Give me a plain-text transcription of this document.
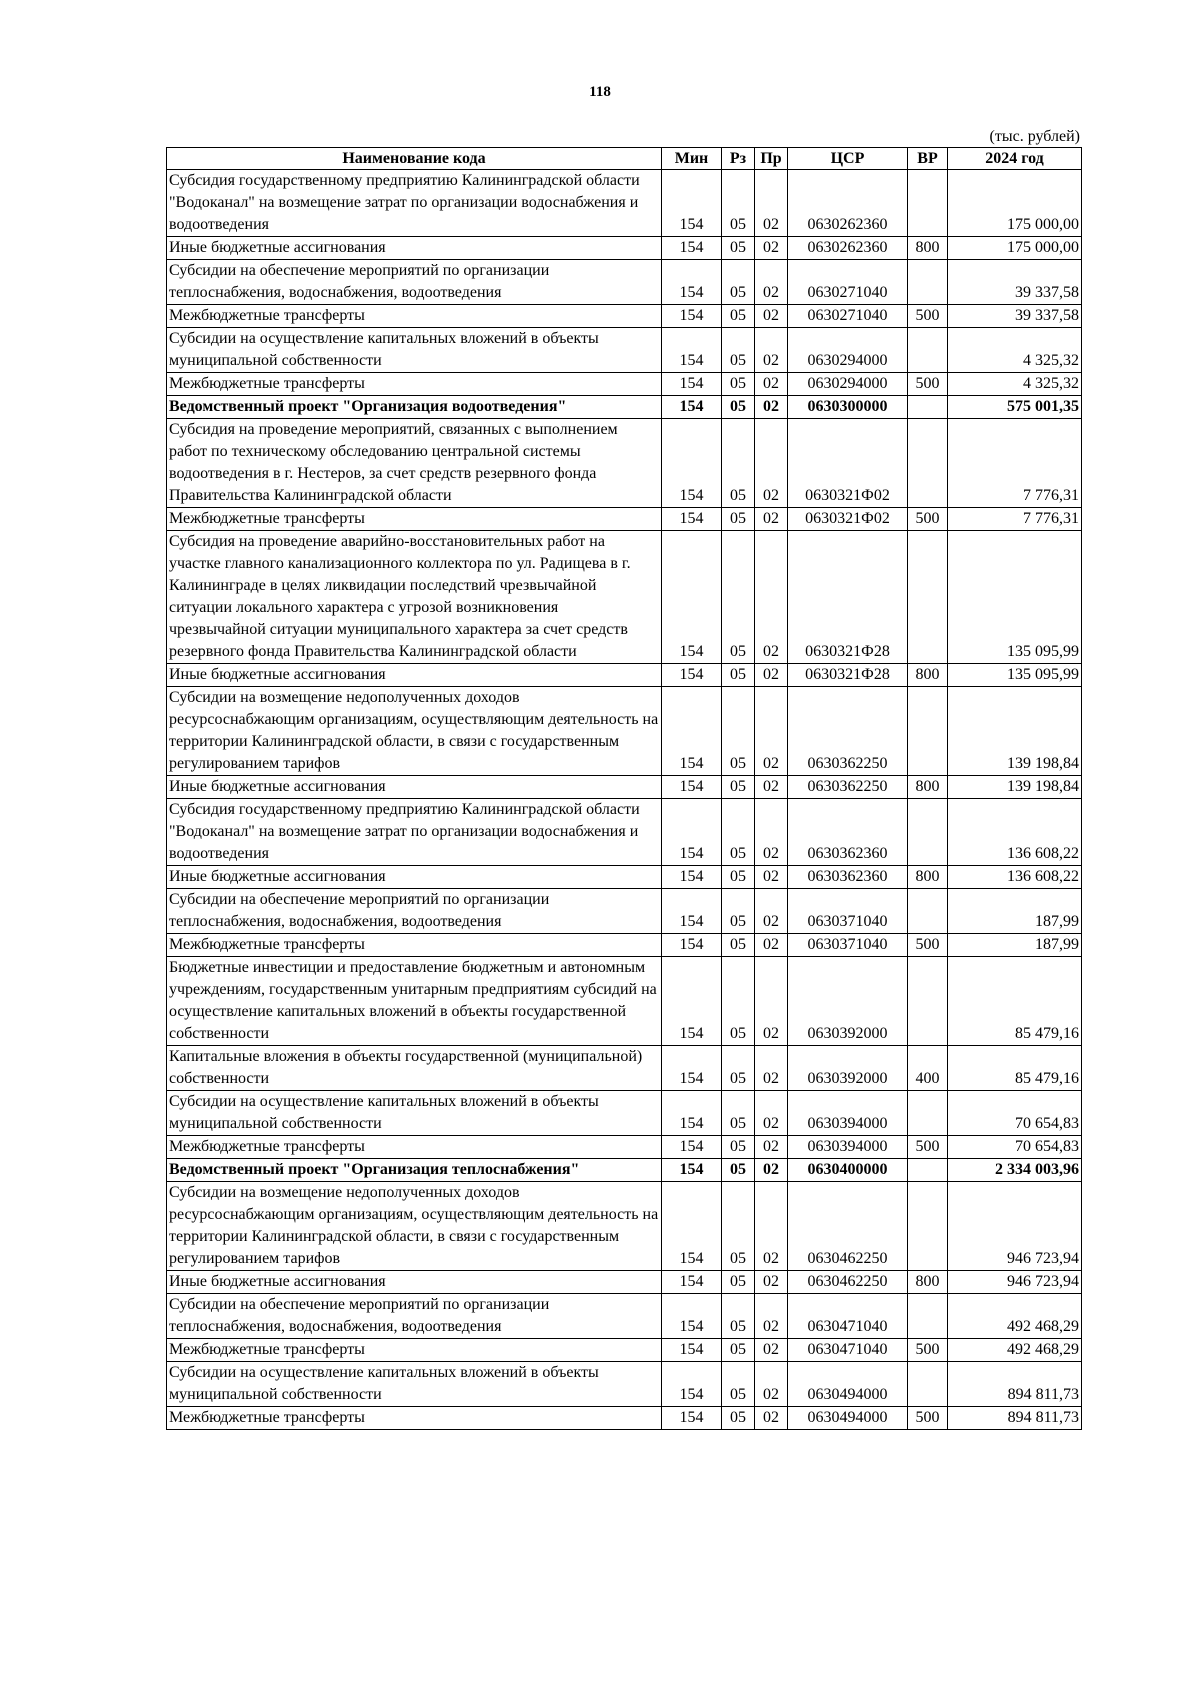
118
(тыс. рублей)
Наименование кода	Мин	Рз	Пр	ЦСР	ВР	2024 год
Субсидия государственному предприятию Калининградской области "Водоканал" на возмещение затрат по организации водоснабжения и водоотведения	154	05	02	0630262360		175 000,00
Иные бюджетные ассигнования	154	05	02	0630262360	800	175 000,00
Субсидии на обеспечение мероприятий по организации теплоснабжения, водоснабжения, водоотведения	154	05	02	0630271040		39 337,58
Межбюджетные трансферты	154	05	02	0630271040	500	39 337,58
Субсидии на осуществление капитальных вложений в объекты муниципальной собственности	154	05	02	0630294000		4 325,32
Межбюджетные трансферты	154	05	02	0630294000	500	4 325,32
Ведомственный проект "Организация водоотведения"	154	05	02	0630300000		575 001,35
Субсидия на проведение мероприятий, связанных с выполнением работ по техническому обследованию центральной системы водоотведения в г. Нестеров, за счет средств резервного фонда Правительства Калининградской области	154	05	02	0630321Ф02		7 776,31
Межбюджетные трансферты	154	05	02	0630321Ф02	500	7 776,31
Субсидия на проведение аварийно-восстановительных работ на участке главного канализационного коллектора по ул. Радищева в г. Калининграде в целях ликвидации последствий чрезвычайной ситуации локального характера с угрозой возникновения чрезвычайной ситуации муниципального характера за счет средств резервного фонда Правительства Калининградской области	154	05	02	0630321Ф28		135 095,99
Иные бюджетные ассигнования	154	05	02	0630321Ф28	800	135 095,99
Субсидии на возмещение недополученных доходов ресурсоснабжающим организациям, осуществляющим деятельность на территории Калининградской области, в связи с государственным регулированием тарифов	154	05	02	0630362250		139 198,84
Иные бюджетные ассигнования	154	05	02	0630362250	800	139 198,84
Субсидия государственному предприятию Калининградской области "Водоканал" на возмещение затрат по организации водоснабжения и водоотведения	154	05	02	0630362360		136 608,22
Иные бюджетные ассигнования	154	05	02	0630362360	800	136 608,22
Субсидии на обеспечение мероприятий по организации теплоснабжения, водоснабжения, водоотведения	154	05	02	0630371040		187,99
Межбюджетные трансферты	154	05	02	0630371040	500	187,99
Бюджетные инвестиции и предоставление бюджетным и автономным учреждениям, государственным унитарным предприятиям субсидий на осуществление капитальных вложений в объекты государственной собственности	154	05	02	0630392000		85 479,16
Капитальные вложения в объекты государственной (муниципальной) собственности	154	05	02	0630392000	400	85 479,16
Субсидии на осуществление капитальных вложений в объекты муниципальной собственности	154	05	02	0630394000		70 654,83
Межбюджетные трансферты	154	05	02	0630394000	500	70 654,83
Ведомственный проект "Организация теплоснабжения"	154	05	02	0630400000		2 334 003,96
Субсидии на возмещение недополученных доходов ресурсоснабжающим организациям, осуществляющим деятельность на территории Калининградской области, в связи с государственным регулированием тарифов	154	05	02	0630462250		946 723,94
Иные бюджетные ассигнования	154	05	02	0630462250	800	946 723,94
Субсидии на обеспечение мероприятий по организации теплоснабжения, водоснабжения, водоотведения	154	05	02	0630471040		492 468,29
Межбюджетные трансферты	154	05	02	0630471040	500	492 468,29
Субсидии на осуществление капитальных вложений в объекты муниципальной собственности	154	05	02	0630494000		894 811,73
Межбюджетные трансферты	154	05	02	0630494000	500	894 811,73
